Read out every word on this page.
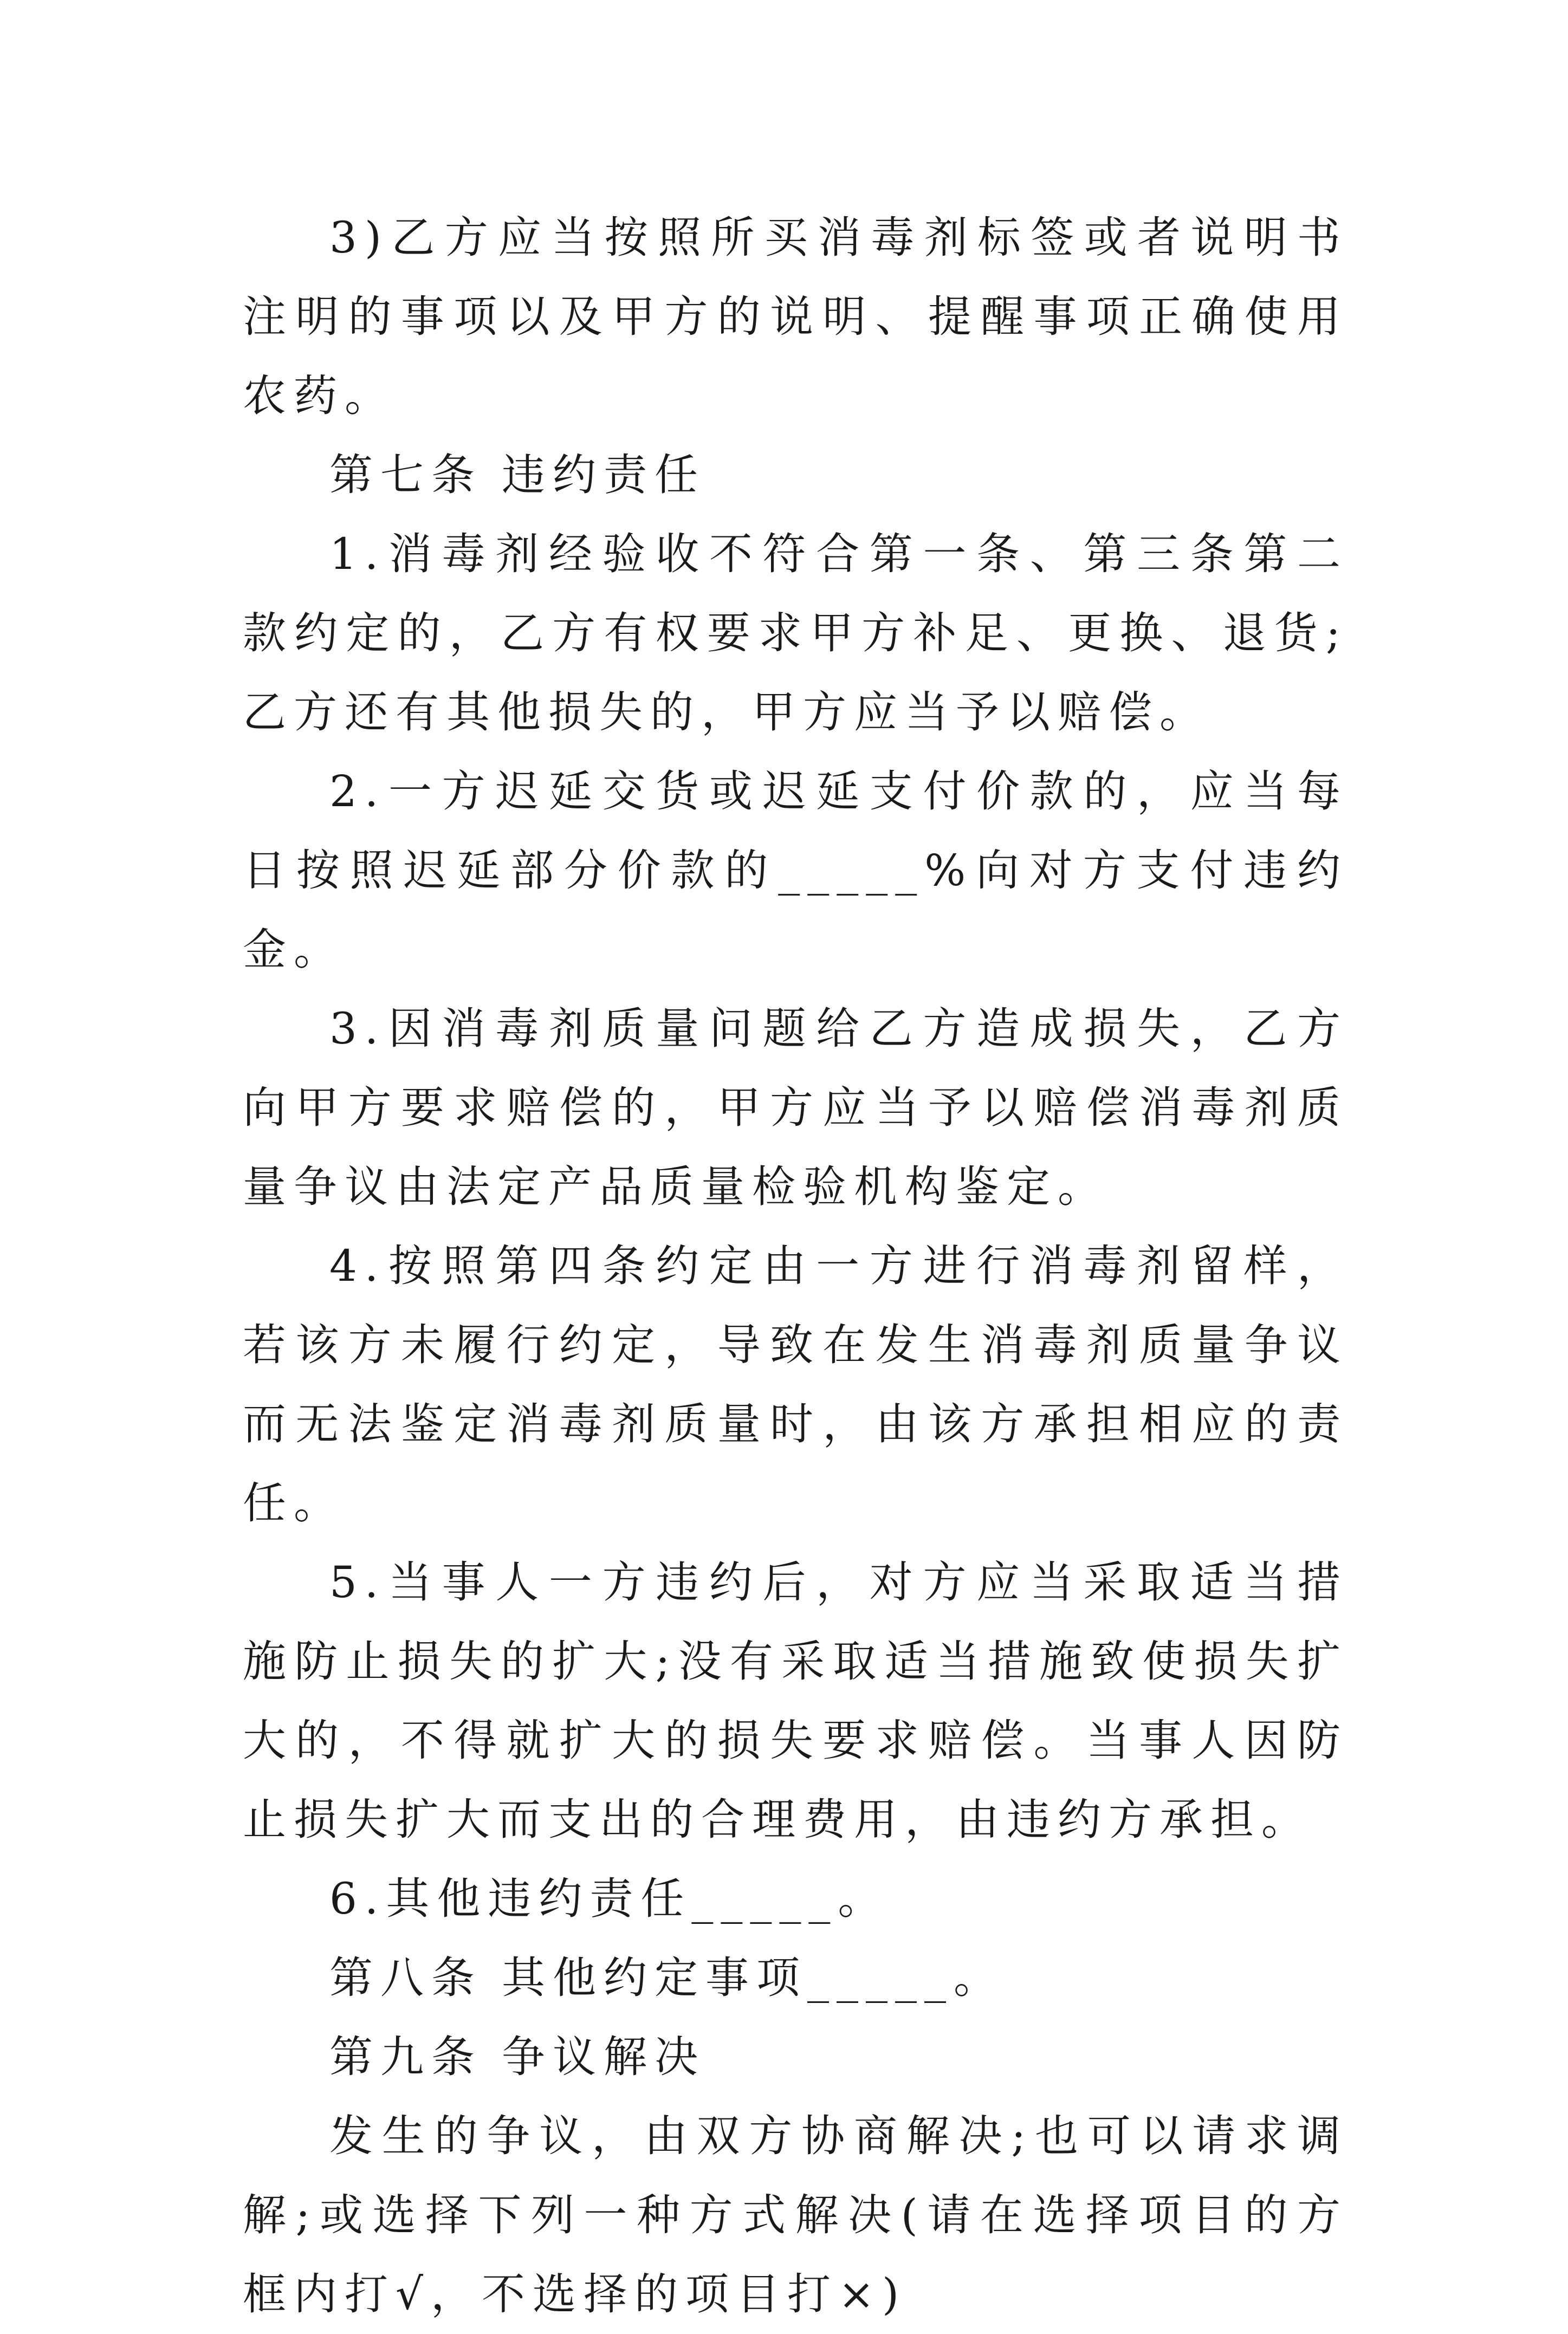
3)乙方应当按照所买消毒剂标签或者说明书注明的事项以及甲方的说明、提醒事项正确使用农药。

第七条 违约责任

1.消毒剂经验收不符合第一条、第三条第二款约定的，乙方有权要求甲方补足、更换、退货;乙方还有其他损失的，甲方应当予以赔偿。

2.一方迟延交货或迟延支付价款的，应当每日按照迟延部分价款的_____%向对方支付违约金。

3.因消毒剂质量问题给乙方造成损失，乙方向甲方要求赔偿的，甲方应当予以赔偿消毒剂质量争议由法定产品质量检验机构鉴定。

4.按照第四条约定由一方进行消毒剂留样，若该方未履行约定，导致在发生消毒剂质量争议而无法鉴定消毒剂质量时，由该方承担相应的责任。

5.当事人一方违约后，对方应当采取适当措施防止损失的扩大;没有采取适当措施致使损失扩大的，不得就扩大的损失要求赔偿。当事人因防止损失扩大而支出的合理费用，由违约方承担。

6.其他违约责任_____。

第八条 其他约定事项_____。

第九条 争议解决

发生的争议，由双方协商解决;也可以请求调解;或选择下列一种方式解决(请在选择项目的方框内打√，不选择的项目打×)
